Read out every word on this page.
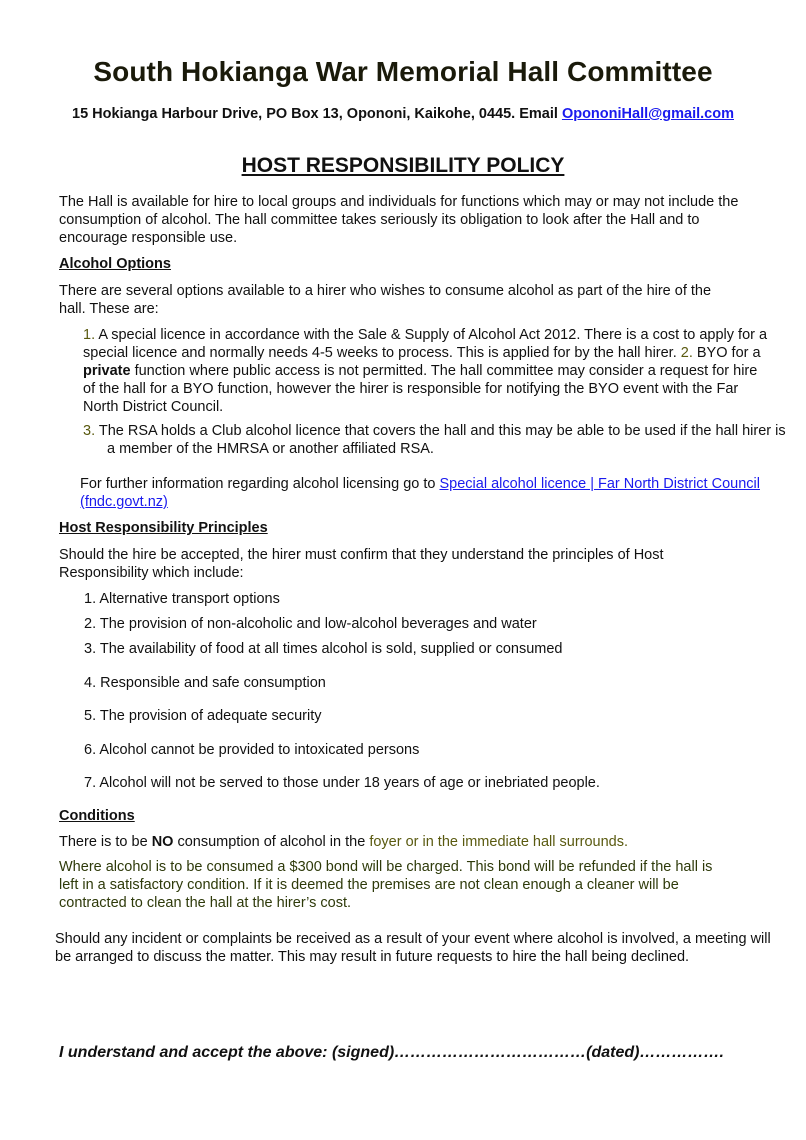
South Hokianga War Memorial Hall Committee
15 Hokianga Harbour Drive, PO Box 13, Opononi, Kaikohe, 0445. Email OpononiHall@gmail.com
HOST RESPONSIBILITY POLICY

The Hall is available for hire to local groups and individuals for functions which may or may not include the consumption of alcohol. The hall committee takes seriously its obligation to look after the Hall and to encourage responsible use.

Alcohol Options

There are several options available to a hirer who wishes to consume alcohol as part of the hire of the hall. These are:

1. A special licence in accordance with the Sale & Supply of Alcohol Act 2012. There is a cost to apply for a special licence and normally needs 4-5 weeks to process. This is applied for by the hall hirer. 2. BYO for a private function where public access is not permitted. The hall committee may consider a request for hire of the hall for a BYO function, however the hirer is responsible for notifying the BYO event with the Far North District Council.

3. The RSA holds a Club alcohol licence that covers the hall and this may be able to be used if the hall hirer is a member of the HMRSA or another affiliated RSA.

For further information regarding alcohol licensing go to Special alcohol licence | Far North District Council (fndc.govt.nz)

Host Responsibility Principles

Should the hire be accepted, the hirer must confirm that they understand the principles of Host Responsibility which include:

1. Alternative transport options
2. The provision of non-alcoholic and low-alcohol beverages and water
3. The availability of food at all times alcohol is sold, supplied or consumed
4. Responsible and safe consumption
5. The provision of adequate security
6. Alcohol cannot be provided to intoxicated persons
7. Alcohol will not be served to those under 18 years of age or inebriated people.

Conditions

There is to be NO consumption of alcohol in the foyer or in the immediate hall surrounds.

Where alcohol is to be consumed a $300 bond will be charged. This bond will be refunded if the hall is left in a satisfactory condition. If it is deemed the premises are not clean enough a cleaner will be contracted to clean the hall at the hirer’s cost.

Should any incident or complaints be received as a result of your event where alcohol is involved, a meeting will be arranged to discuss the matter. This may result in future requests to hire the hall being declined.

I understand and accept the above: (signed)………………………………(dated)…………….
